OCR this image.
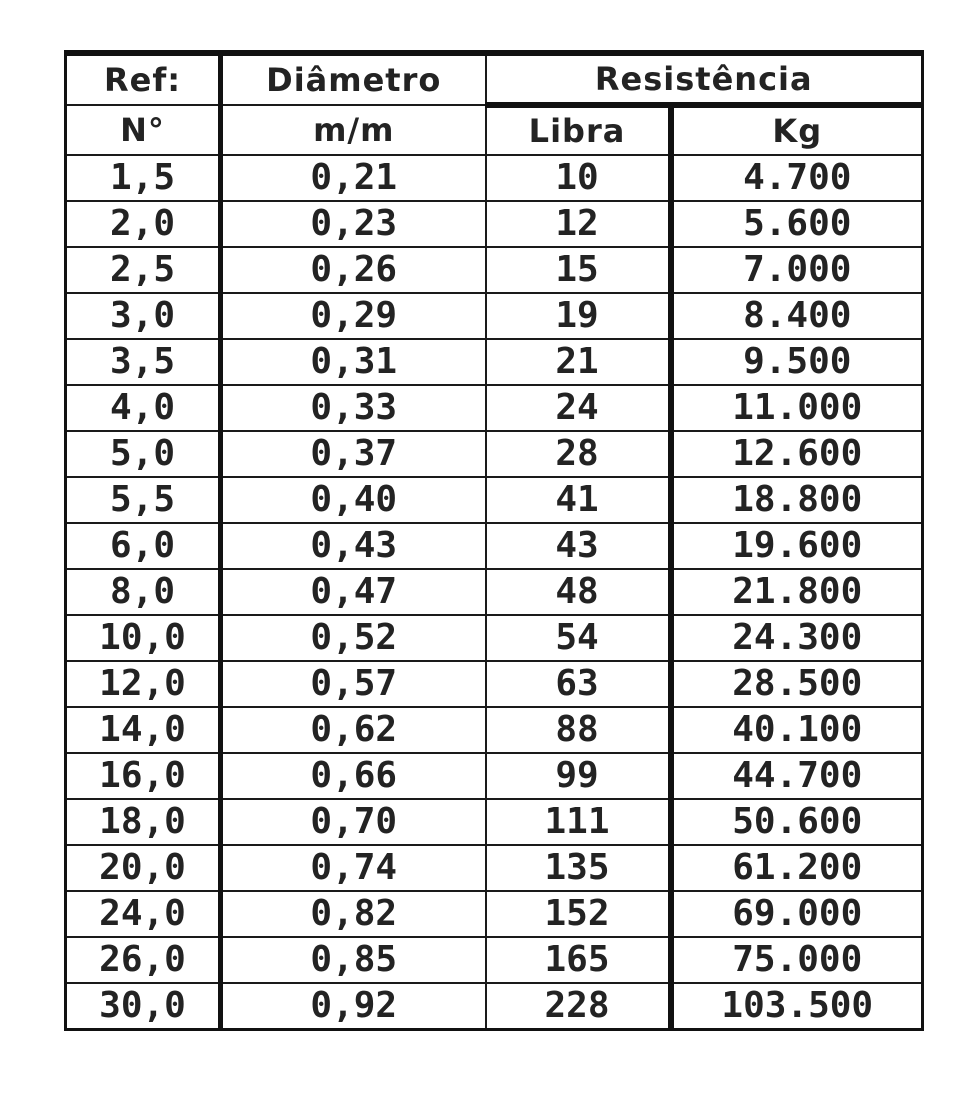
Ref:	Diâmetro	Resistência	
N°	m/m	Libra	Kg
1,5	0,21	10	4.700
2,0	0,23	12	5.600
2,5	0,26	15	7.000
3,0	0,29	19	8.400
3,5	0,31	21	9.500
4,0	0,33	24	11.000
5,0	0,37	28	12.600
5,5	0,40	41	18.800
6,0	0,43	43	19.600
8,0	0,47	48	21.800
10,0	0,52	54	24.300
12,0	0,57	63	28.500
14,0	0,62	88	40.100
16,0	0,66	99	44.700
18,0	0,70	111	50.600
20,0	0,74	135	61.200
24,0	0,82	152	69.000
26,0	0,85	165	75.000
30,0	0,92	228	103.500
